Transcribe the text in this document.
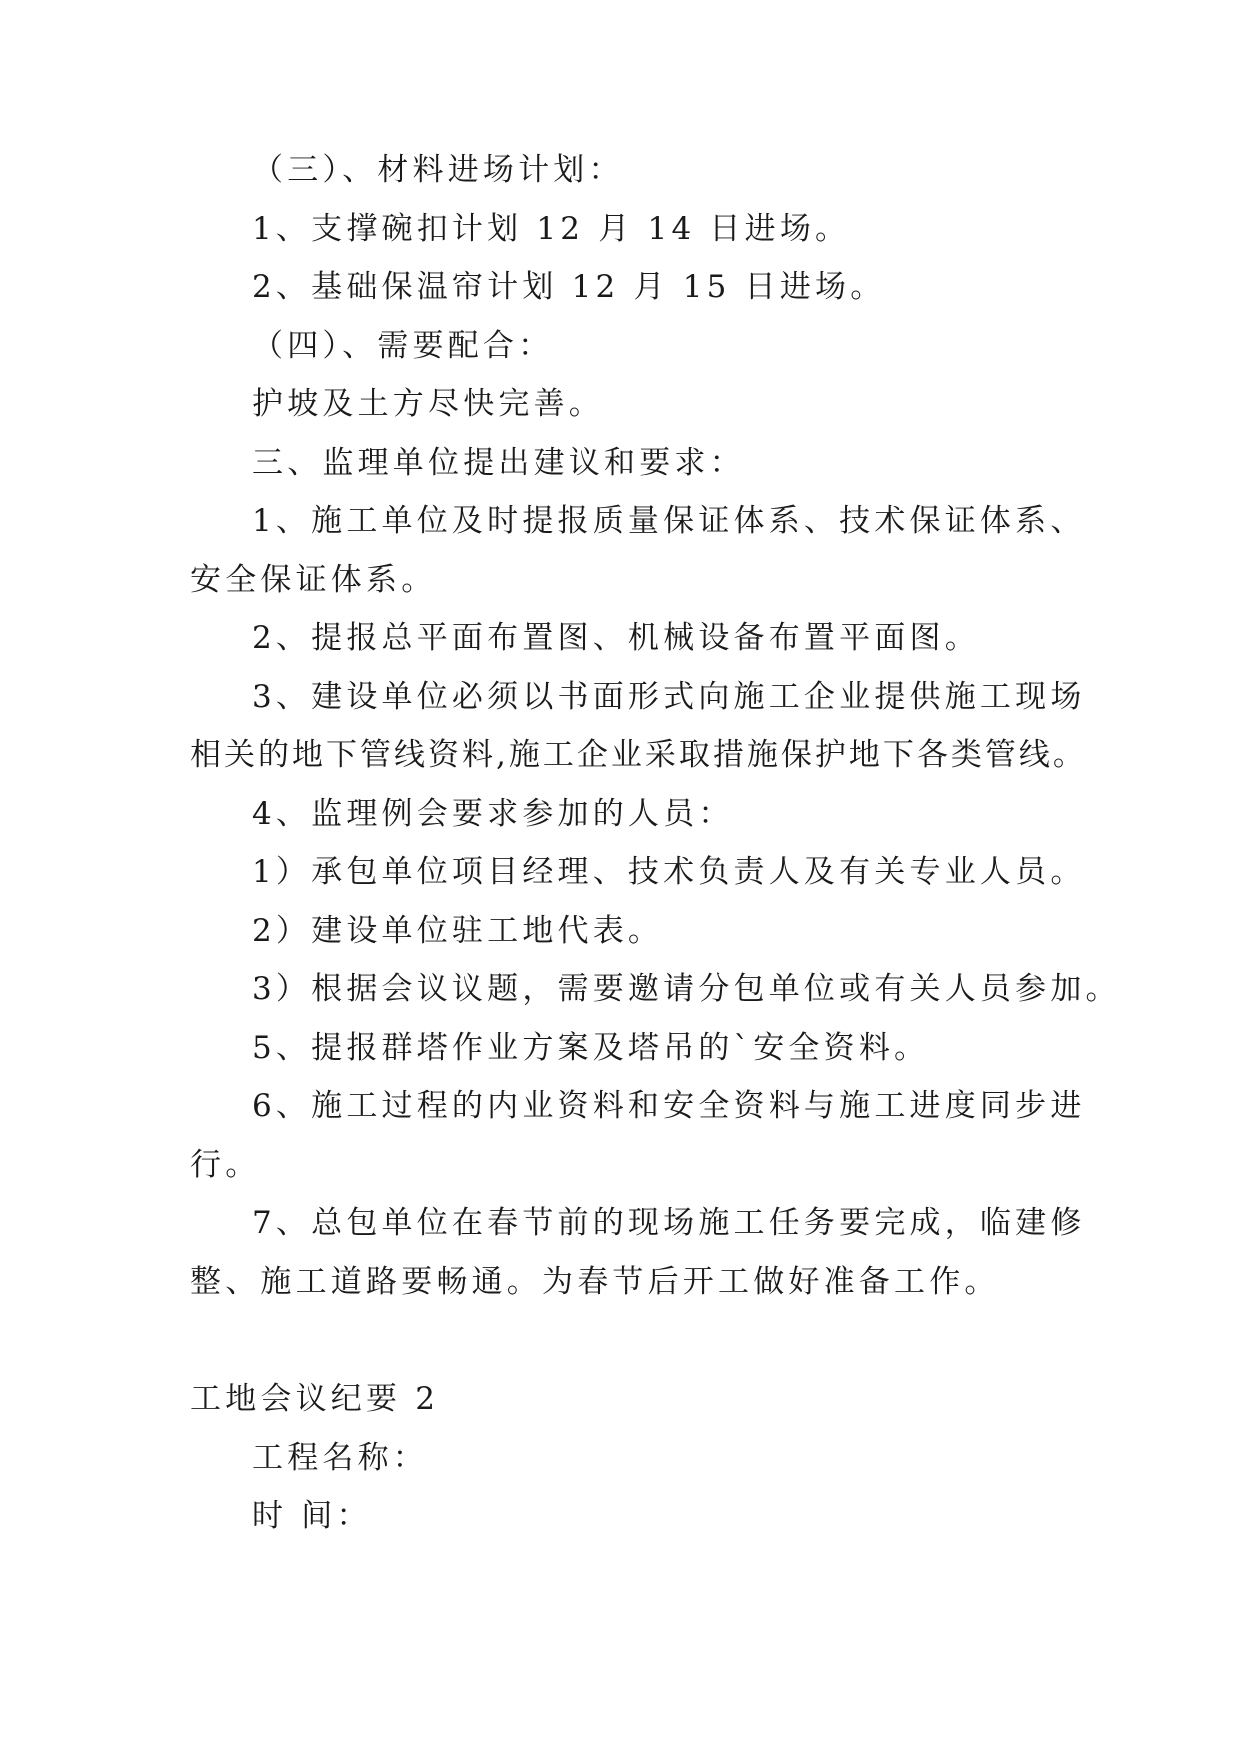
（三）、材料进场计划：
1、支撑碗扣计划 12 月 14 日进场。
2、基础保温帘计划 12 月 15 日进场。
（四）、需要配合：
护坡及土方尽快完善。
三、监理单位提出建议和要求：
1、施工单位及时提报质量保证体系、技术保证体系、
安全保证体系。
2、提报总平面布置图、机械设备布置平面图。
3、建设单位必须以书面形式向施工企业提供施工现场
相关的地下管线资料,施工企业采取措施保护地下各类管线。
4、监理例会要求参加的人员：
1）承包单位项目经理、技术负责人及有关专业人员。
2）建设单位驻工地代表。
3）根据会议议题，需要邀请分包单位或有关人员参加。
5、提报群塔作业方案及塔吊的`安全资料。
6、施工过程的内业资料和安全资料与施工进度同步进
行。
7、总包单位在春节前的现场施工任务要完成，临建修
整、施工道路要畅通。为春节后开工做好准备工作。
工地会议纪要 2
工程名称：
时 间：
